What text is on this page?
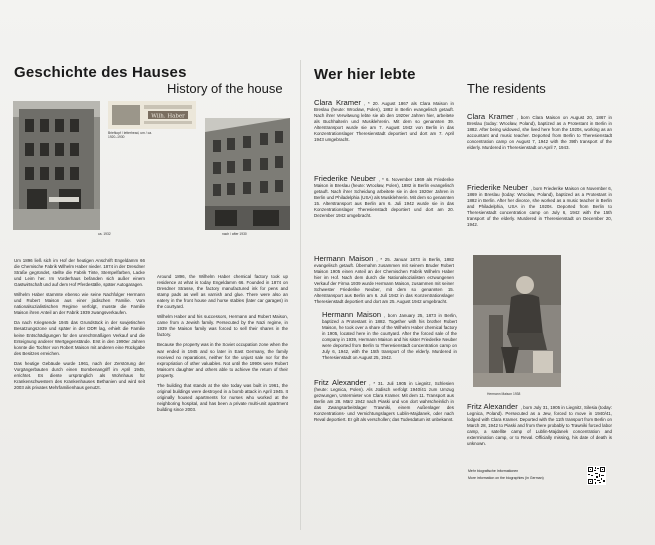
Geschichte des Hauses
History of the house
ca. 1932
Wilh. Haber
Briefkopf / letterhead, um / ca. 1920–1930
nach / after 1930

Um 1896 ließ sich im Hof der heutigen Anschrift Engeldamm 66 die Chemische Fabrik Wilhelm Haber nieder. 1874 in der Dresdner Straße gegründet, stellte die Fabrik Tinte, Stempelfarben, Lacke und Leim her. Im Vorderhaus befanden sich außer einem Gastwirtschaft und auf dem Hof Pferdeställe, später Autogaragen.

Wilhelm Haber stammte ebenso wie seine Nachfolger Hermann und Robert Maison aus einer jüdischen Familie. Vom nationalsozialistischen Regime verfolgt, musste die Familie Maison ihren Anteil an der Fabrik 1939 zwangsverkaufen.

Da nach Kriegsende 1945 das Grundstück in der sowjetischen Besatzungszone und später in der DDR lag, erhielt die Familie keine Entschädigungen für den unrechtmäßigen Verkauf und die Enteignung anderer Wertgegenstände. Erst in den 1990er Jahren konnte die Tochter von Robert Maison mit anderen eine Rückgabe des Besitzes erreichen.

Das heutige Gebäude wurde 1961, nach der Zerstörung der Vorgängerbauten durch einen Bombenangriff im April 1945, errichtet. Es diente ursprünglich als Wohnhaus für Krankenschwestern des Krankenhauses Bethanien und wird seit 2003 als privates Mehrfamilienhaus genutzt.

Around 1896, the Wilhelm Haber chemical factory took up residence at what is today Engeldamm 66. Founded in 1874 on Dresdner Strasse, the factory manufactured ink for pens and stamp pads as well as varnish and glue. There were also an eatery in the front house and horse stables (later car garages) in the courtyard.

Wilhelm Haber and his successors, Hermann and Robert Maison, came from a Jewish family. Persecuted by the Nazi regime, in 1939 the Maison family was forced to sell their shares in the factory.

Because the property was in the Soviet occupation zone when the war ended in 1945 and so later in East Germany, the family received no reparations, neither for the unjust sale nor for the expropriation of other valuables. Not until the 1990s were Robert Maison's daughter and others able to achieve the return of their property.

The building that stands at the site today was built in 1961, the original buildings were destroyed in a bomb attack in April 1945. It originally housed apartments for nurses who worked at the neighboring hospital, and has been a private multi-unit apartment building since 2003.

Wer hier lebte
The residents
Clara Kramer , * 20. August 1867 als Clara Maison in Breslau (heute: Wrocław, Polen), 1882 in Berlin evangelisch getauft. Nach ihrer Verwitwung lebte sie ab den 1920er Jahren hier, arbeitete als Buchhalterin und Musiklehrerin. Mit dem so genannten 39. Alterstransport wurde sie am 7. August 1942 von Berlin in das Konzentrationslager Theresienstadt deportiert und dort am 7. April 1943 umgebracht.
Clara Kramer , born Clara Maison on August 20, 1867 in Breslau (today: Wrocław, Poland), baptized as a Protestant in Berlin in 1882. After being widowed, she lived here from the 1920s, working as an accountant and music teacher. Deported from Berlin to Theresienstadt concentration camp on August 7, 1942 with the 39th transport of the elderly. Murdered in Theresienstadt on April 7, 1943.
Friederike Neuber , * 6. November 1869 als Friederike Maison in Breslau (heute: Wrocław, Polen), 1882 in Berlin evangelisch getauft. Nach ihrer Scheidung arbeitete sie in den 1920er Jahren in Berlin und Philadelphia (USA) als Musiklehrerin. Mit dem so genannten 15. Alterstransport aus Berlin am 6. Juli 1942 wurde sie in das Konzentrationslager Theresienstadt deportiert und dort am 20. Dezember 1942 umgebracht.
Friederike Neuber , born Friederike Maison on November 6, 1869 in Breslau (today: Wrocław, Poland), baptized as a Protestant in 1882 in Berlin. After her divorce, she worked as a music teacher in Berlin and Philadelphia, USA in the 1920s. Deported from Berlin to Theresienstadt concentration camp on July 6, 1942 with the 15th transport of the elderly. Murdered in Theresienstadt on December 20, 1942.
Hermann Maison , * 25. Januar 1873 in Berlin, 1882 evangelisch getauft. Übernahm zusammen mit seinem Bruder Robert Maison 1905 einen Anteil an der Chemischen Fabrik Wilhelm Haber hier im Hof. Nach dem durch die Nationalsozialisten erzwungenen Verkauf der Firma 1939 wurde Hermann Maison, zusammen mit seiner Schwester Friederike Neuber, mit dem so genannten 15. Alterstransport aus Berlin am 6. Juli 1942 in das Konzentrationslager Theresienstadt deportiert und dort am 25. August 1942 umgebracht.
Hermann Maison , born January 25, 1873 in Berlin, baptized a Protestant in 1882. Together with his brother Robert Maison, he took over a share of the Wilhelm Haber chemical factory in 1905, located here in the courtyard. After the forced sale of the company in 1939, Hermann Maison and his sister Friederike Neuber were deported from Berlin to Theresienstadt concentration camp on July 6, 1942, with the 15th transport of the elderly. Murdered in Theresienstadt on August 25, 1942.
Hermann Maison 1938
Fritz Alexander , * 31. Juli 1905 in Liegnitz, Schlesien (heute: Legnica, Polen). Als Jüdisch verfolgt 1940/41 zum Umzug gezwungen, Untermieter von Clara Kramer. Mit dem 11. Transport aus Berlin am 28. März 1942 nach Piaski und von dort wahrscheinlich in das Zwangsarbeitslager Trawniki, einem Außenlager des Konzentrations- und Vernichtungslagers Lublin-Majdanek, oder nach Reval deportiert. Er gilt als verschollen; das Todesdatum ist unbekannt.
Fritz Alexander , born July 31, 1905 in Liegnitz, Silesia (today: Legnica, Poland). Persecuted as a Jew, forced to move in 1940/41, lodged with Clara Kramer. Deported with the 11th transport from Berlin on March 28, 1942 to Piaski and from there probably to Trawniki forced labor camp, a satellite camp of Lublin-Majdanek concentration and extermination camp, or to Reval. Officially missing, his date of death is unknown.
Mehr biografische Informationen
More information on the biographies (in German)
